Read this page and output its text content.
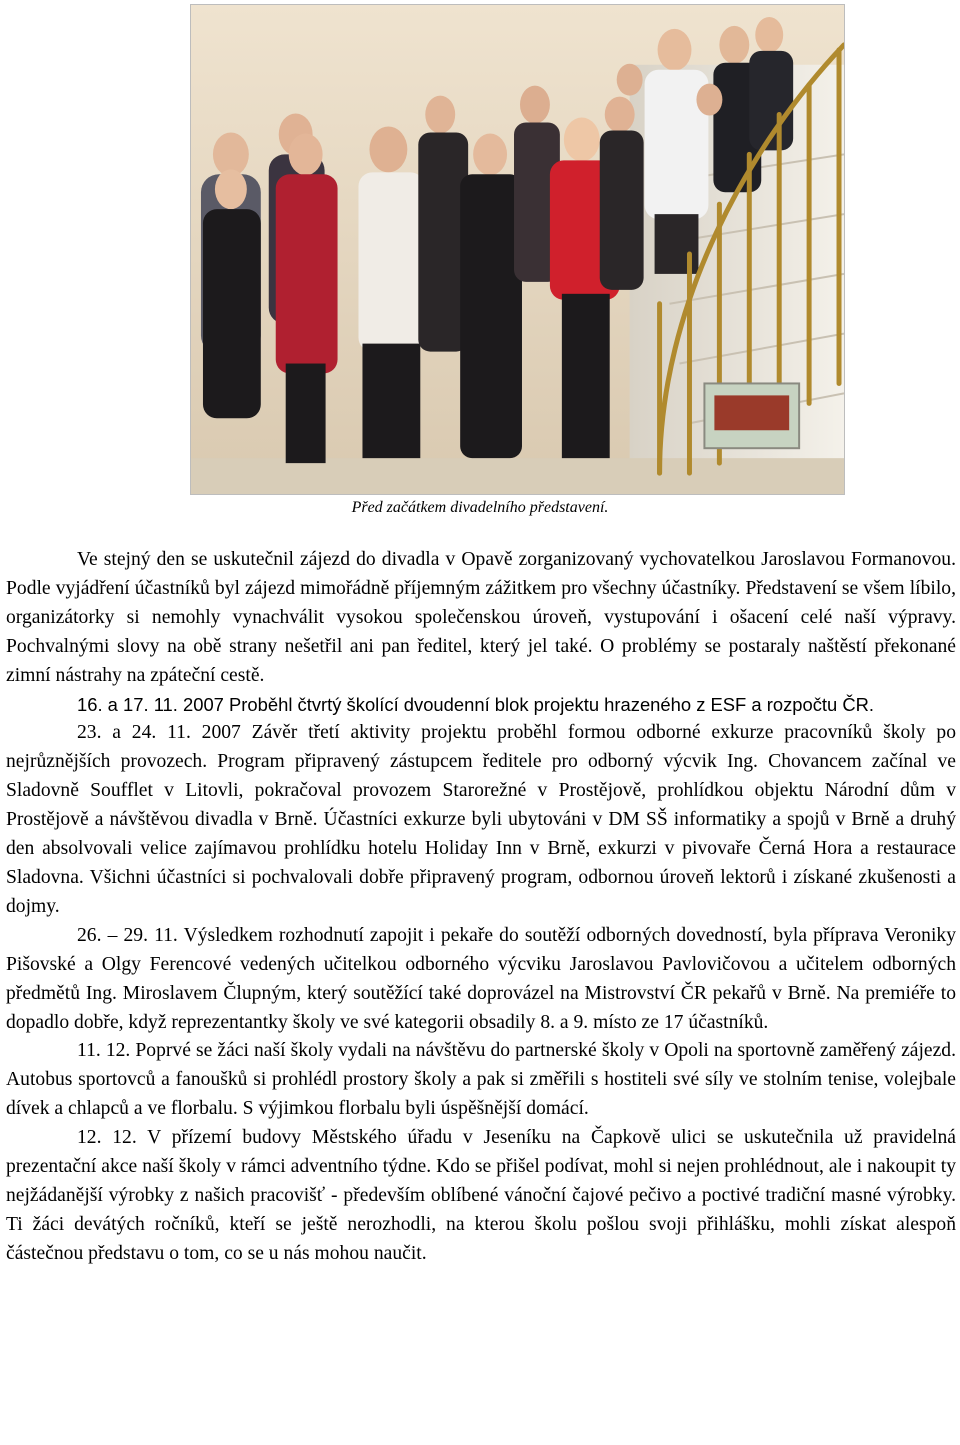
Před začátkem divadelního představení.

Ve stejný den se uskutečnil zájezd do divadla v Opavě zorganizovaný vychovatelkou Jaroslavou Formanovou. Podle vyjádření účastníků byl zájezd mimořádně příjemným zážitkem pro všechny účastníky. Představení se všem líbilo, organizátorky si nemohly vynachválit vysokou společenskou úroveň, vystupování i ošacení celé naší výpravy. Pochvalnými slovy na obě strany nešetřil ani pan ředitel, který jel také. O problémy se postaraly naštěstí překonané zimní nástrahy na zpáteční cestě.

16. a 17. 11. 2007 Proběhl čtvrtý školící dvoudenní blok projektu hrazeného z ESF a rozpočtu ČR.

23. a 24. 11. 2007 Závěr třetí aktivity projektu proběhl formou odborné exkurze pracovníků školy po nejrůznějších provozech. Program připravený zástupcem ředitele pro odborný výcvik Ing. Chovancem začínal ve Sladovně Soufflet v Litovli, pokračoval provozem Starorežné v Prostějově, prohlídkou objektu Národní dům v Prostějově a návštěvou divadla v Brně. Účastníci exkurze byli ubytováni v DM SŠ informatiky a spojů v Brně a druhý den absolvovali velice zajímavou prohlídku hotelu Holiday Inn v Brně, exkurzi v pivovaře Černá Hora a restaurace Sladovna. Všichni účastníci si pochvalovali dobře připravený program, odbornou úroveň lektorů i získané zkušenosti a dojmy.

26. – 29. 11. Výsledkem rozhodnutí zapojit i pekaře do soutěží odborných dovedností, byla příprava Veroniky Pišovské a Olgy Ferencové vedených učitelkou odborného výcviku Jaroslavou Pavlovičovou a učitelem odborných předmětů Ing. Miroslavem Člupným, který soutěžící také doprovázel na Mistrovství ČR pekařů v Brně. Na premiéře to dopadlo dobře, když reprezentantky školy ve své kategorii obsadily 8. a 9. místo ze 17 účastníků.

11. 12. Poprvé se žáci naší školy vydali na návštěvu do partnerské školy v Opoli na sportovně zaměřený zájezd. Autobus sportovců a fanoušků si prohlédl prostory školy a pak si změřili s hostiteli své síly ve stolním tenise, volejbale dívek a chlapců a ve florbalu. S výjimkou florbalu byli úspěšnější domácí.

12. 12. V přízemí budovy Městského úřadu v Jeseníku na Čapkově ulici se uskutečnila už pravidelná prezentační akce naší školy v rámci adventního týdne. Kdo se přišel podívat, mohl si nejen prohlédnout, ale i nakoupit ty nejžádanější výrobky z našich pracovišť - především oblíbené vánoční čajové pečivo a poctivé tradiční masné výrobky. Ti žáci devátých ročníků, kteří se ještě nerozhodli, na kterou školu pošlou svoji přihlášku, mohli získat alespoň částečnou představu o tom, co se u nás mohou naučit.
